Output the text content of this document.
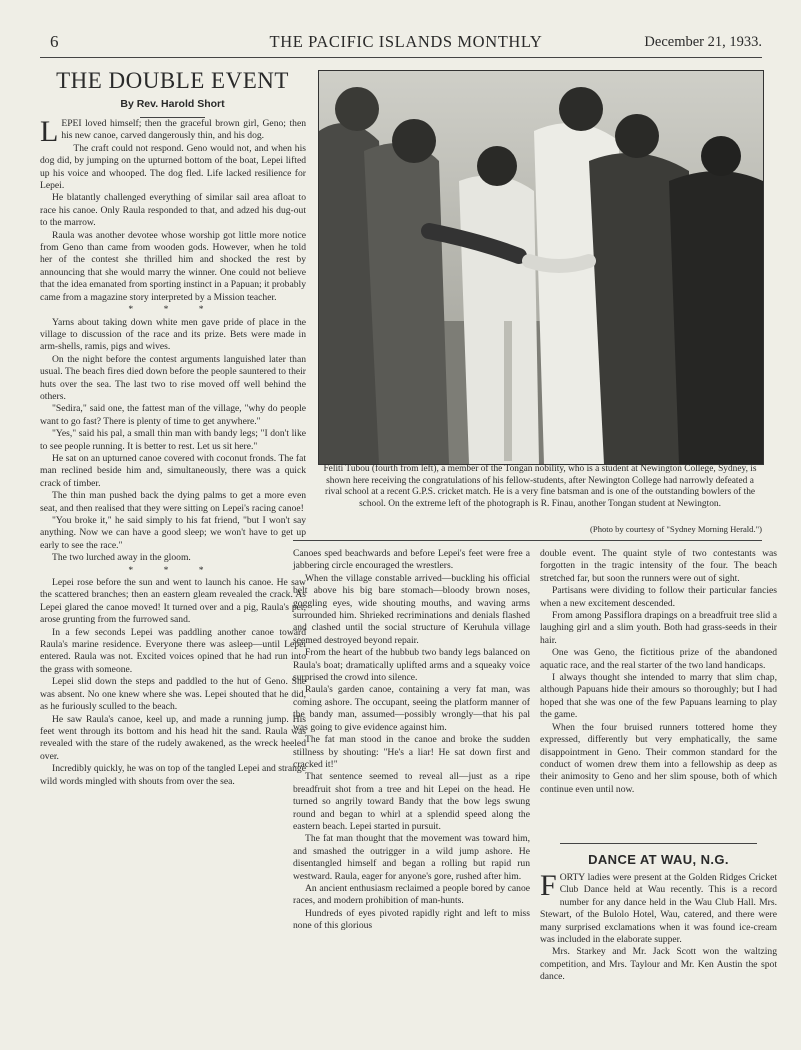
6	THE PACIFIC ISLANDS MONTHLY	December 21, 1933.
THE DOUBLE EVENT
By Rev. Harold Short

LEPEI loved himself; then the graceful brown girl, Geno; then his new canoe, carved dangerously thin, and his dog.

The craft could not respond. Geno would not, and when his dog did, by jumping on the upturned bottom of the boat, Lepei lifted up his voice and whooped. The dog fled. Life lacked resilience for Lepei.

He blatantly challenged everything of similar sail area afloat to race his canoe. Only Raula responded to that, and adzed his dug-out to the marrow.

Raula was another devotee whose worship got little more notice from Geno than came from wooden gods. However, when he told her of the contest she thrilled him and shocked the rest by announcing that she would marry the winner. One could not believe that the idea emanated from sporting instinct in a Papuan; it probably came from a magazine story interpreted by a Mission teacher.

* * *

Yarns about taking down white men gave pride of place in the village to discussion of the race and its prize. Bets were made in arm-shells, ramis, pigs and wives.

On the night before the contest arguments languished later than usual. The beach fires died down before the people sauntered to their huts over the sea. The last two to rise moved off well behind the others.

"Sedira," said one, the fattest man of the village, "why do people want to go fast? There is plenty of time to get anywhere."

"Yes," said his pal, a small thin man with bandy legs; "I don't like to see people running. It is better to rest. Let us sit here."

He sat on an upturned canoe covered with coconut fronds. The fat man reclined beside him and, simultaneously, there was a quick crack of timber.

The thin man pushed back the dying palms to get a more even seat, and then realised that they were sitting on Lepei's racing canoe!

"You broke it," he said simply to his fat friend, "but I won't say anything. Now we can have a good sleep; we won't have to get up early to see the race."

The two lurched away in the gloom.

* * *

Lepei rose before the sun and went to launch his canoe. He saw the scattered branches; then an eastern gleam revealed the crack. As Lepei glared the canoe moved! It turned over and a pig, Raula's pet, arose grunting from the furrowed sand.

In a few seconds Lepei was paddling another canoe toward Raula's marine residence. Everyone there was asleep—until Lepei entered. Raula was not. Excited voices opined that he had run into the grass with someone.

Lepei slid down the steps and paddled to the hut of Geno. She was absent. No one knew where she was. Lepei shouted that he did, as he furiously sculled to the beach.

He saw Raula's canoe, keel up, and made a running jump. His feet went through its bottom and his head hit the sand. Raula was revealed with the stare of the rudely awakened, as the wreck heeled over.

Incredibly quickly, he was on top of the tangled Lepei and strange wild words mingled with shouts from over the sea.

Feliti Tubou (fourth from left), a member of the Tongan nobility, who is a student at Newington College, Sydney, is shown here receiving the congratulations of his fellow-students, after Newington College had narrowly defeated a rival school at a recent G.P.S. cricket match. He is a very fine batsman and is one of the outstanding bowlers of the school. On the extreme left of the photograph is R. Finau, another Tongan student at Newington.
(Photo by courtesy of "Sydney Morning Herald.")

Canoes sped beachwards and before Lepei's feet were free a jabbering circle encouraged the wrestlers.

When the village constable arrived—buckling his official belt above his big bare stomach—bloody brown noses, goggling eyes, wide shouting mouths, and waving arms surrounded him. Shrieked recriminations and denials flashed and clashed until the social structure of Keruhula village seemed destroyed beyond repair.

From the heart of the hubbub two bandy legs balanced on Raula's boat; dramatically uplifted arms and a squeaky voice surprised the crowd into silence.

Raula's garden canoe, containing a very fat man, was coming ashore. The occupant, seeing the platform manner of the bandy man, assumed—possibly wrongly—that his pal was going to give evidence against him.

The fat man stood in the canoe and broke the sudden stillness by shouting: "He's a liar! He sat down first and cracked it!"

That sentence seemed to reveal all—just as a ripe breadfruit shot from a tree and hit Lepei on the head. He turned so angrily toward Bandy that the bow legs swung round and began to whirl at a splendid speed along the eastern beach. Lepei started in pursuit.

The fat man thought that the movement was toward him, and smashed the outrigger in a wild jump ashore. He disentangled himself and began a rolling but rapid run westward. Raula, eager for anyone's gore, rushed after him.

An ancient enthusiasm reclaimed a people bored by canoe races, and modern prohibition of man-hunts.

Hundreds of eyes pivoted rapidly right and left to miss none of this glorious

double event. The quaint style of two contestants was forgotten in the tragic intensity of the four. The beach stretched far, but soon the runners were out of sight.

Partisans were dividing to follow their particular fancies when a new excitement descended.

From among Passiflora drapings on a breadfruit tree slid a laughing girl and a slim youth. Both had grass-seeds in their hair.

One was Geno, the fictitious prize of the abandoned aquatic race, and the real starter of the two land handicaps.

I always thought she intended to marry that slim chap, although Papuans hide their amours so thoroughly; but I had hoped that she was one of the few Papuans learning to play the game.

When the four bruised runners tottered home they expressed, differently but very emphatically, the same disappointment in Geno. Their common standard for the conduct of women drew them into a fellowship as deep as their animosity to Geno and her slim spouse, both of which continue even until now.

DANCE AT WAU, N.G.

FORTY ladies were present at the Golden Ridges Cricket Club Dance held at Wau recently. This is a record number for any dance held in the Wau Club Hall. Mrs. Stewart, of the Bulolo Hotel, Wau, catered, and there were many surprised exclamations when it was found ice-cream was included in the elaborate supper.

Mrs. Starkey and Mr. Jack Scott won the waltzing competition, and Mrs. Taylour and Mr. Ken Austin the spot dance.
